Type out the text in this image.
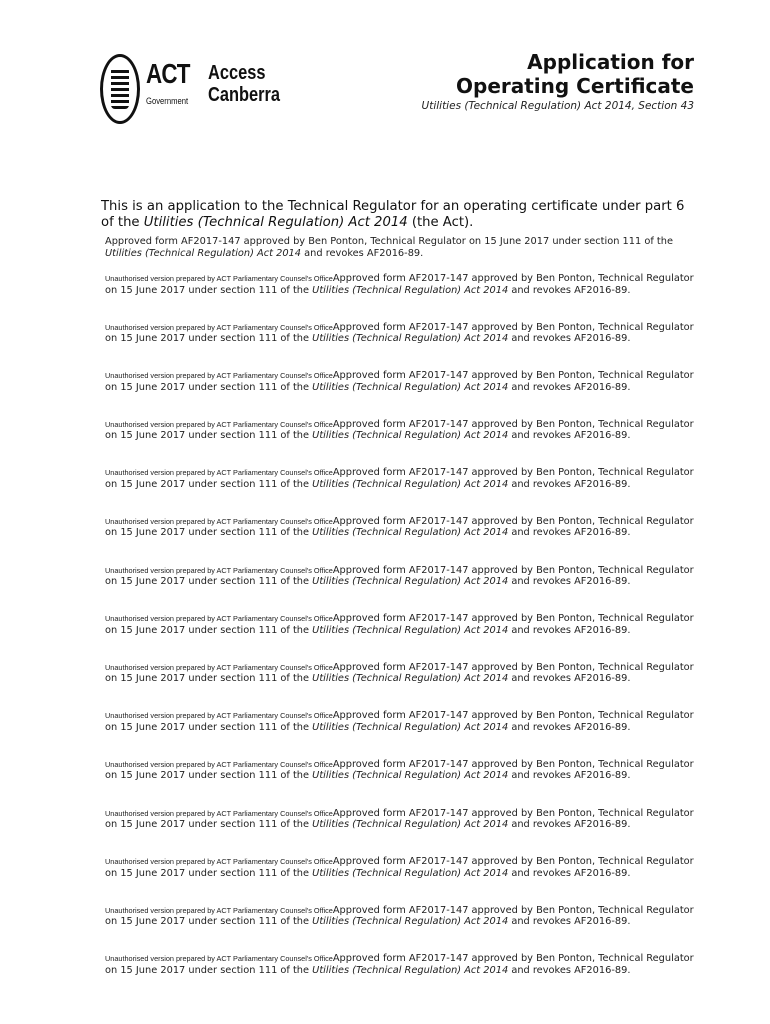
ACT
Government
Access
Canberra
Application for
Operating Certificate
Utilities (Technical Regulation) Act 2014, Section 43
This is an application to the Technical Regulator for an operating certificate under part 6 of the Utilities (Technical Regulation) Act 2014 (the Act).
Approved form AF2017-147 approved by Ben Ponton, Technical Regulator on 15 June 2017 under section 111 of the Utilities (Technical Regulation) Act 2014 and revokes AF2016-89.
Unauthorised version prepared by ACT Parliamentary Counsel's OfficeApproved form AF2017-147 approved by Ben Ponton, Technical Regulator on 15 June 2017 under section 111 of the Utilities (Technical Regulation) Act 2014 and revokes AF2016-89.
Unauthorised version prepared by ACT Parliamentary Counsel's OfficeApproved form AF2017-147 approved by Ben Ponton, Technical Regulator on 15 June 2017 under section 111 of the Utilities (Technical Regulation) Act 2014 and revokes AF2016-89.
Unauthorised version prepared by ACT Parliamentary Counsel's OfficeApproved form AF2017-147 approved by Ben Ponton, Technical Regulator on 15 June 2017 under section 111 of the Utilities (Technical Regulation) Act 2014 and revokes AF2016-89.
Unauthorised version prepared by ACT Parliamentary Counsel's OfficeApproved form AF2017-147 approved by Ben Ponton, Technical Regulator on 15 June 2017 under section 111 of the Utilities (Technical Regulation) Act 2014 and revokes AF2016-89.
Unauthorised version prepared by ACT Parliamentary Counsel's OfficeApproved form AF2017-147 approved by Ben Ponton, Technical Regulator on 15 June 2017 under section 111 of the Utilities (Technical Regulation) Act 2014 and revokes AF2016-89.
Unauthorised version prepared by ACT Parliamentary Counsel's OfficeApproved form AF2017-147 approved by Ben Ponton, Technical Regulator on 15 June 2017 under section 111 of the Utilities (Technical Regulation) Act 2014 and revokes AF2016-89.
Unauthorised version prepared by ACT Parliamentary Counsel's OfficeApproved form AF2017-147 approved by Ben Ponton, Technical Regulator on 15 June 2017 under section 111 of the Utilities (Technical Regulation) Act 2014 and revokes AF2016-89.
Unauthorised version prepared by ACT Parliamentary Counsel's OfficeApproved form AF2017-147 approved by Ben Ponton, Technical Regulator on 15 June 2017 under section 111 of the Utilities (Technical Regulation) Act 2014 and revokes AF2016-89.
Unauthorised version prepared by ACT Parliamentary Counsel's OfficeApproved form AF2017-147 approved by Ben Ponton, Technical Regulator on 15 June 2017 under section 111 of the Utilities (Technical Regulation) Act 2014 and revokes AF2016-89.
Unauthorised version prepared by ACT Parliamentary Counsel's OfficeApproved form AF2017-147 approved by Ben Ponton, Technical Regulator on 15 June 2017 under section 111 of the Utilities (Technical Regulation) Act 2014 and revokes AF2016-89.
Unauthorised version prepared by ACT Parliamentary Counsel's OfficeApproved form AF2017-147 approved by Ben Ponton, Technical Regulator on 15 June 2017 under section 111 of the Utilities (Technical Regulation) Act 2014 and revokes AF2016-89.
Unauthorised version prepared by ACT Parliamentary Counsel's OfficeApproved form AF2017-147 approved by Ben Ponton, Technical Regulator on 15 June 2017 under section 111 of the Utilities (Technical Regulation) Act 2014 and revokes AF2016-89.
Unauthorised version prepared by ACT Parliamentary Counsel's OfficeApproved form AF2017-147 approved by Ben Ponton, Technical Regulator on 15 June 2017 under section 111 of the Utilities (Technical Regulation) Act 2014 and revokes AF2016-89.
Unauthorised version prepared by ACT Parliamentary Counsel's OfficeApproved form AF2017-147 approved by Ben Ponton, Technical Regulator on 15 June 2017 under section 111 of the Utilities (Technical Regulation) Act 2014 and revokes AF2016-89.
Unauthorised version prepared by ACT Parliamentary Counsel's OfficeApproved form AF2017-147 approved by Ben Ponton, Technical Regulator on 15 June 2017 under section 111 of the Utilities (Technical Regulation) Act 2014 and revokes AF2016-89.
